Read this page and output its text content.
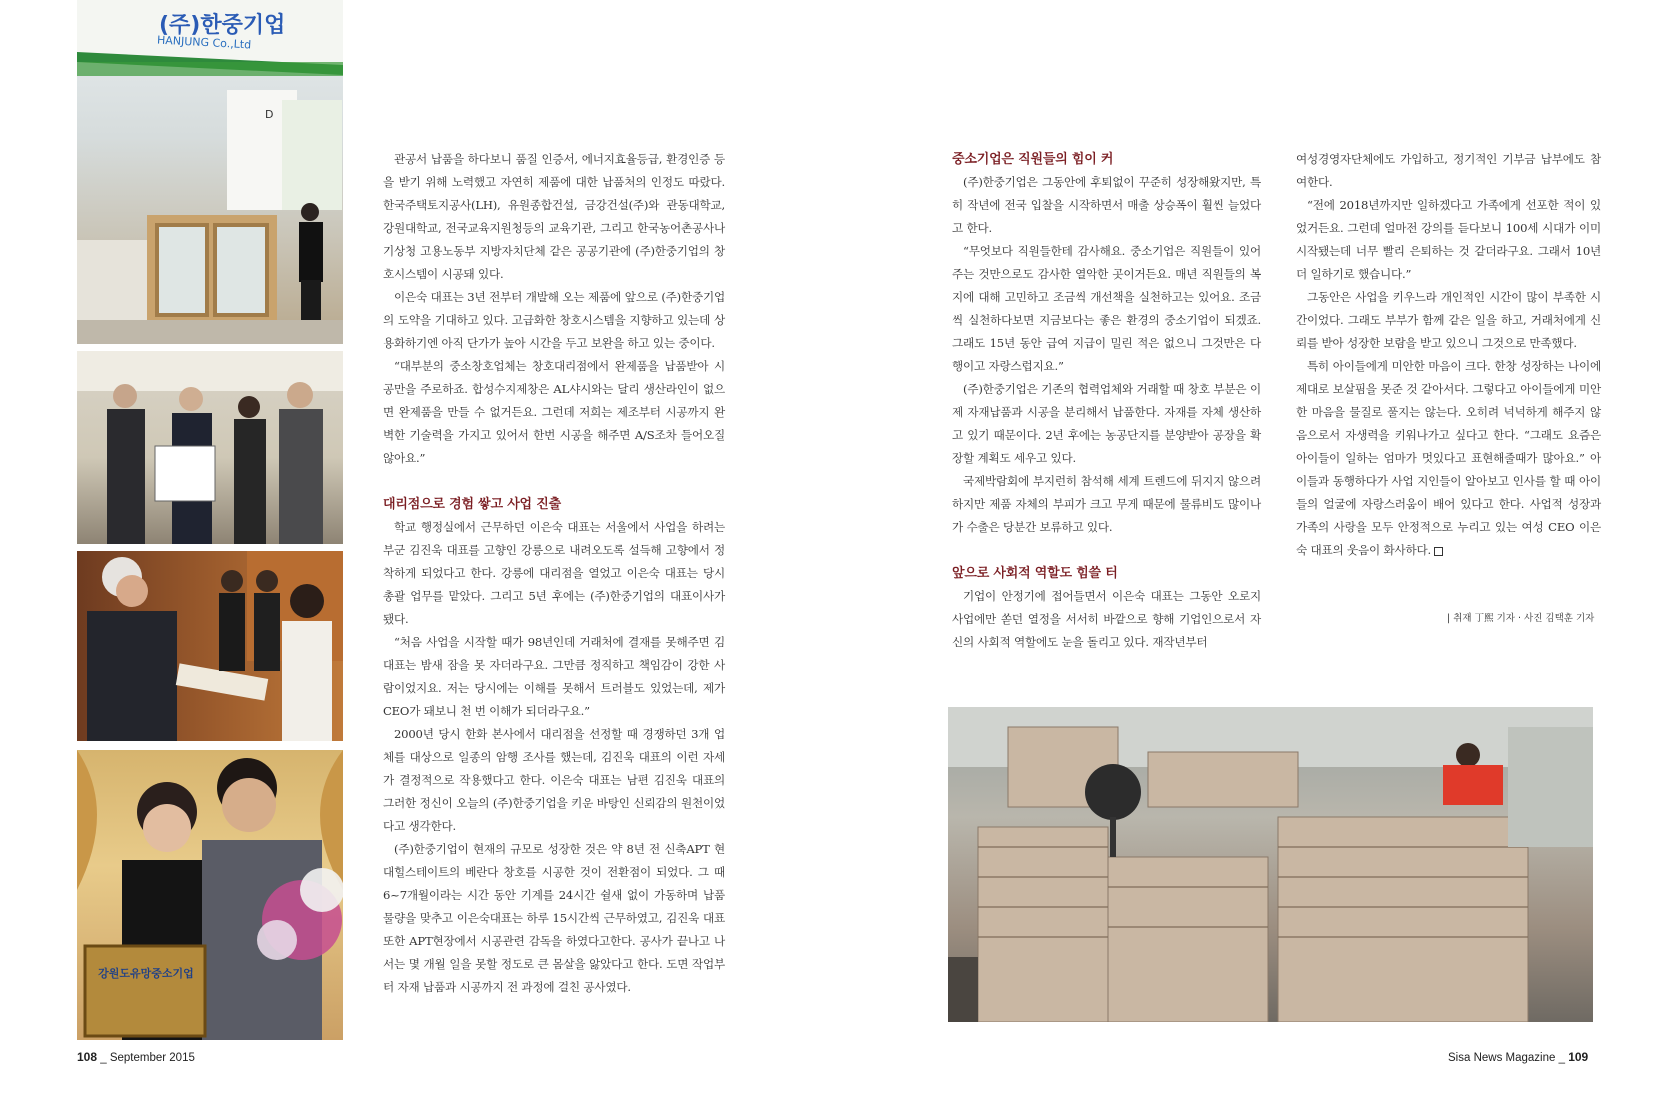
(주)한중기업
HANJUNG Co.,Ltd
D
강원도유망중소기업

관공서 납품을 하다보니 품질 인증서, 에너지효율등급, 환경인증 등을 받기 위해 노력했고 자연히 제품에 대한 납품처의 인정도 따랐다. 한국주택토지공사(LH), 유원종합건설, 금강건설(주)와 관동대학교, 강원대학교, 전국교육지원청등의 교육기관, 그리고 한국농어촌공사나 기상청 고용노동부 지방자치단체 같은 공공기관에 (주)한중기업의 창호시스템이 시공돼 있다.

이은숙 대표는 3년 전부터 개발해 오는 제품에 앞으로 (주)한중기업의 도약을 기대하고 있다. 고급화한 창호시스템을 지향하고 있는데 상용화하기엔 아직 단가가 높아 시간을 두고 보완을 하고 있는 중이다.

“대부분의 중소창호업체는 창호대리점에서 완제품을 납품받아 시공만을 주로하죠. 합성수지제창은 AL샤시와는 달리 생산라인이 없으면 완제품을 만들 수 없거든요. 그런데 저희는 제조부터 시공까지 완벽한 기술력을 가지고 있어서 한번 시공을 해주면 A/S조차 들어오질 않아요.”

대리점으로 경험 쌓고 사업 진출

학교 행정실에서 근무하던 이은숙 대표는 서울에서 사업을 하려는 부군 김진욱 대표를 고향인 강릉으로 내려오도록 설득해 고향에서 정착하게 되었다고 한다. 강릉에 대리점을 열었고 이은숙 대표는 당시 총괄 업무를 맡았다. 그리고 5년 후에는 (주)한중기업의 대표이사가 됐다.

“처음 사업을 시작할 때가 98년인데 거래처에 결재를 못해주면 김 대표는 밤새 잠을 못 자더라구요. 그만큼 정직하고 책임감이 강한 사람이었지요. 저는 당시에는 이해를 못해서 트러블도 있었는데, 제가 CEO가 돼보니 천 번 이해가 되더라구요.”

2000년 당시 한화 본사에서 대리점을 선정할 때 경쟁하던 3개 업체를 대상으로 일종의 암행 조사를 했는데, 김진욱 대표의 이런 자세가 결정적으로 작용했다고 한다. 이은숙 대표는 남편 김진욱 대표의 그러한 정신이 오늘의 (주)한중기업을 키운 바탕인 신뢰감의 원천이었다고 생각한다.

(주)한중기업이 현재의 규모로 성장한 것은 약 8년 전 신축APT 현대힐스테이트의 베란다 창호를 시공한 것이 전환점이 되었다. 그 때 6~7개월이라는 시간 동안 기계를 24시간 쉴새 없이 가동하며 납품 물량을 맞추고 이은숙대표는 하루 15시간씩 근무하였고, 김진욱 대표또한 APT현장에서 시공관련 감독을 하였다고한다. 공사가 끝나고 나서는 몇 개월 일을 못할 정도로 큰 몸살을 앓았다고 한다. 도면 작업부터 자재 납품과 시공까지 전 과정에 걸친 공사였다.

중소기업은 직원들의 힘이 커

(주)한중기업은 그동안에 후퇴없이 꾸준히 성장해왔지만, 특히 작년에 전국 입찰을 시작하면서 매출 상승폭이 훨씬 늘었다고 한다.

“무엇보다 직원들한테 감사해요. 중소기업은 직원들이 있어 주는 것만으로도 감사한 열악한 곳이거든요. 매년 직원들의 복지에 대해 고민하고 조금씩 개선책을 실천하고는 있어요. 조금씩 실천하다보면 지금보다는 좋은 환경의 중소기업이 되겠죠. 그래도 15년 동안 급여 지급이 밀린 적은 없으니 그것만은 다행이고 자랑스럽지요.”

(주)한중기업은 기존의 협력업체와 거래할 때 창호 부분은 이제 자재납품과 시공을 분리해서 납품한다. 자재를 자체 생산하고 있기 때문이다. 2년 후에는 농공단지를 분양받아 공장을 확장할 계획도 세우고 있다.

국제박람회에 부지런히 참석해 세계 트렌드에 뒤지지 않으려 하지만 제품 자체의 부피가 크고 무게 때문에 물류비도 많이나가 수출은 당분간 보류하고 있다.

앞으로 사회적 역할도 힘쓸 터

기업이 안정기에 접어들면서 이은숙 대표는 그동안 오로지 사업에만 쏟던 열정을 서서히 바깥으로 향해 기업인으로서 자신의 사회적 역할에도 눈을 돌리고 있다. 재작년부터

여성경영자단체에도 가입하고, 정기적인 기부금 납부에도 참여한다.

“전에 2018년까지만 일하겠다고 가족에게 선포한 적이 있었거든요. 그런데 얼마전 강의를 듣다보니 100세 시대가 이미 시작됐는데 너무 빨리 은퇴하는 것 같더라구요. 그래서 10년 더 일하기로 했습니다.”

그동안은 사업을 키우느라 개인적인 시간이 많이 부족한 시간이었다. 그래도 부부가 함께 같은 일을 하고, 거래처에게 신뢰를 받아 성장한 보람을 받고 있으니 그것으로 만족했다.

특히 아이들에게 미안한 마음이 크다. 한창 성장하는 나이에 제대로 보살핌을 못준 것 같아서다. 그렇다고 아이들에게 미안한 마음을 물질로 풀지는 않는다. 오히려 넉넉하게 해주지 않음으로서 자생력을 키워나가고 싶다고 한다. “그래도 요즘은 아이들이 일하는 엄마가 멋있다고 표현해줄때가 많아요.” 아이들과 동행하다가 사업 지인들이 알아보고 인사를 할 때 아이들의 얼굴에 자랑스러움이 배어 있다고 한다. 사업적 성장과 가족의 사랑을 모두 안정적으로 누리고 있는 여성 CEO 이은숙 대표의 웃음이 화사하다.

| 취재 丁熙 기자 · 사진 김택훈 기자
108 _ September 2015	Sisa News Magazine _ 109
